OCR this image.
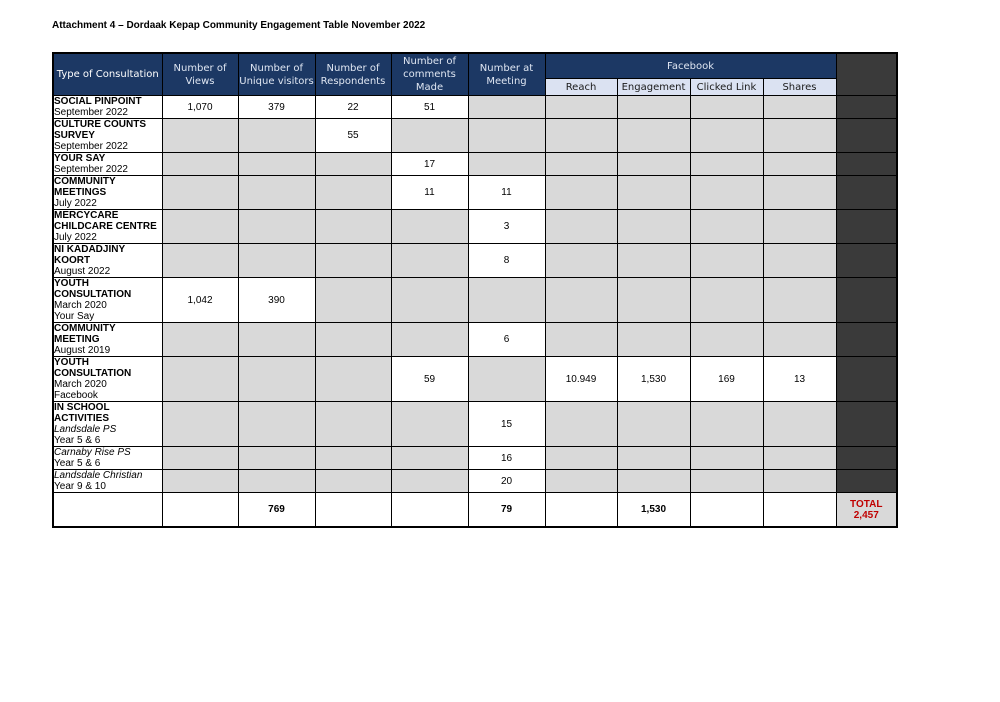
Attachment 4 – Dordaak Kepap Community Engagement Table November 2022
Type of Consultation	Number of Views	Number of Unique visitors	Number of Respondents	Number of comments Made	Number at Meeting	Facebook				
						Reach	Engagement	Clicked Link	Shares	

SOCIAL PINPOINT
September 2022	1,070	379	22	51						

CULTURE COUNTS SURVEY
September 2022			55							

YOUR SAY
September 2022				17						

COMMUNITY MEETINGS
July 2022				11	11					

MERCYCARE CHILDCARE CENTRE
July 2022					3					

NI KADADJINY KOORT
August 2022					8					

YOUTH CONSULTATION
March 2020
Your Say	1,042	390								

COMMUNITY MEETING
August 2019					6					

YOUTH CONSULTATION
March 2020
Facebook				59		10.949	1,530	169	13	

IN SCHOOL ACTIVITIES
Landsdale PS
Year 5 & 6					15					

Carnaby Rise PS
Year 5 & 6					16					

Landsdale Christian
Year 9 & 10					20					
		769			79		1,530			TOTAL
2,457
